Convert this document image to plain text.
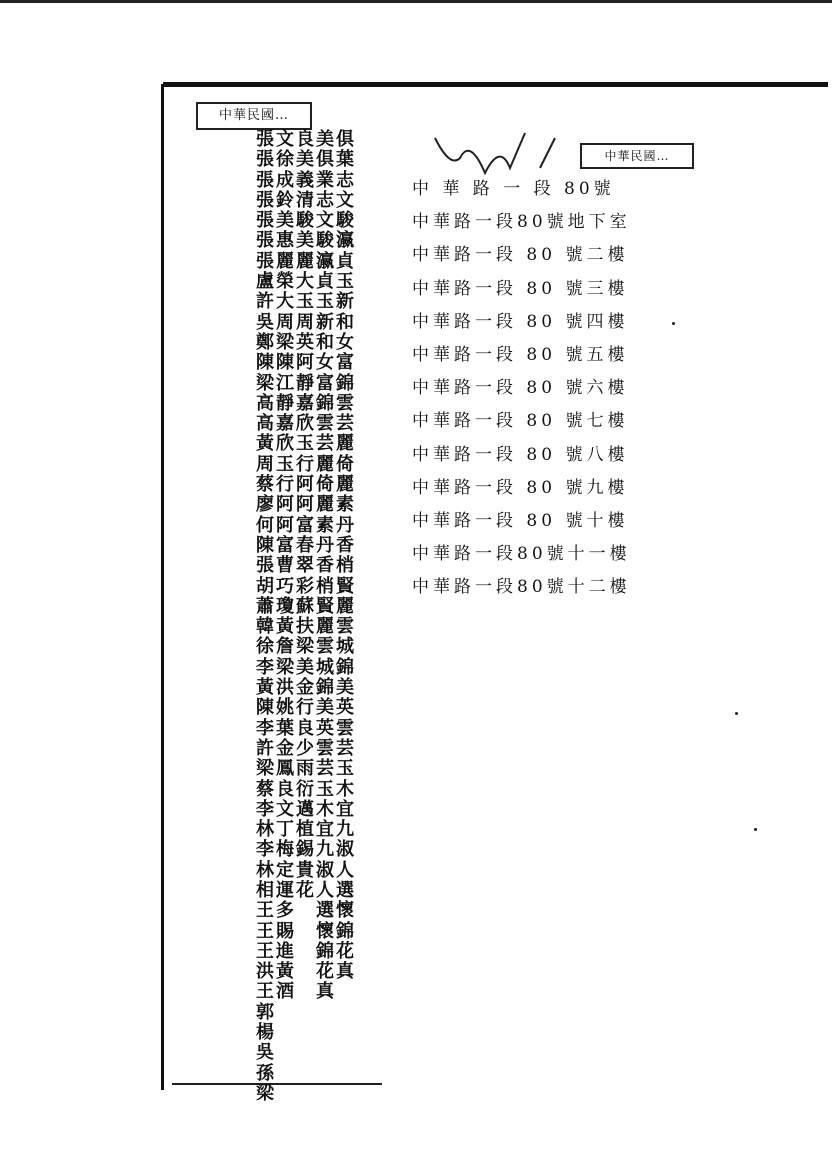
中華民國…
中華民國…
張
張
張
張
張
張
張
盧
許
吳
鄭
陳
梁
高
高
黃
周
蔡
廖
何
陳
張
胡
蕭
韓
徐
李
黃
陳
李
許
梁
蔡
李
林
李
林
相
王
王
王
洪
王
郭
楊
吳
孫
梁
文
徐
成
鈴
美
惠
麗
榮
大
周
梁
陳
江
靜
嘉
欣
玉
行
阿
阿
富
曹
巧
瓊
黃
詹
梁
洪
姚
葉
金
鳳
良
文
丁
梅
定
運
多
賜
進
黃
酒
良
美
義
清
駿
美
麗
大
玉
周
英
阿
靜
嘉
欣
玉
行
阿
阿
富
春
翠
彩
蘇
扶
梁
美
金
行
良
少
雨
衍
邁
植
錫
貴
花
美
俱
業
志
文
駿
瀛
貞
玉
新
和
女
富
錦
雲
芸
麗
倚
麗
素
丹
香
梢
賢
麗
雲
城
錦
美
英
雲
芸
玉
木
宜
九
淑
人
選
懷
錦
花
真
俱
葉
志
文
駿
瀛
貞
玉
新
和
女
富
錦
雲
芸
麗
倚
麗
素
丹
香
梢
賢
麗
雲
城
錦
美
英
雲
芸
玉
木
宜
九
淑
人
選
懷
錦
花
真
中 華 路 一 段 80號
中華路一段80號地下室
中華路一段 80 號二樓
中華路一段 80 號三樓
中華路一段 80 號四樓
中華路一段 80 號五樓
中華路一段 80 號六樓
中華路一段 80 號七樓
中華路一段 80 號八樓
中華路一段 80 號九樓
中華路一段 80 號十樓
中華路一段80號十一樓
中華路一段80號十二樓
